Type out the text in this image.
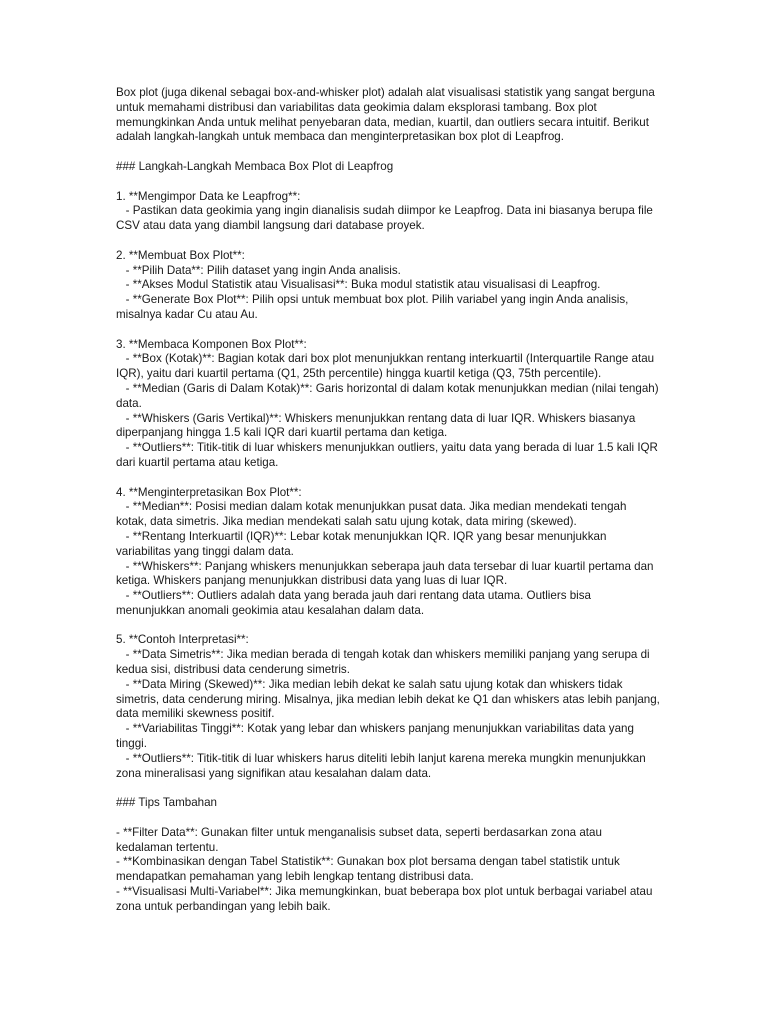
Box plot (juga dikenal sebagai box-and-whisker plot) adalah alat visualisasi statistik yang sangat berguna untuk memahami distribusi dan variabilitas data geokimia dalam eksplorasi tambang. Box plot memungkinkan Anda untuk melihat penyebaran data, median, kuartil, dan outliers secara intuitif. Berikut adalah langkah-langkah untuk membaca dan menginterpretasikan box plot di Leapfrog.

### Langkah-Langkah Membaca Box Plot di Leapfrog

1. **Mengimpor Data ke Leapfrog**:

- Pastikan data geokimia yang ingin dianalisis sudah diimpor ke Leapfrog. Data ini biasanya berupa file CSV atau data yang diambil langsung dari database proyek.

2. **Membuat Box Plot**:

- **Pilih Data**: Pilih dataset yang ingin Anda analisis.

- **Akses Modul Statistik atau Visualisasi**: Buka modul statistik atau visualisasi di Leapfrog.

- **Generate Box Plot**: Pilih opsi untuk membuat box plot. Pilih variabel yang ingin Anda analisis, misalnya kadar Cu atau Au.

3. **Membaca Komponen Box Plot**:

- **Box (Kotak)**: Bagian kotak dari box plot menunjukkan rentang interkuartil (Interquartile Range atau IQR), yaitu dari kuartil pertama (Q1, 25th percentile) hingga kuartil ketiga (Q3, 75th percentile).

- **Median (Garis di Dalam Kotak)**: Garis horizontal di dalam kotak menunjukkan median (nilai tengah) data.

- **Whiskers (Garis Vertikal)**: Whiskers menunjukkan rentang data di luar IQR. Whiskers biasanya diperpanjang hingga 1.5 kali IQR dari kuartil pertama dan ketiga.

- **Outliers**: Titik-titik di luar whiskers menunjukkan outliers, yaitu data yang berada di luar 1.5 kali IQR dari kuartil pertama atau ketiga.

4. **Menginterpretasikan Box Plot**:

- **Median**: Posisi median dalam kotak menunjukkan pusat data. Jika median mendekati tengah kotak, data simetris. Jika median mendekati salah satu ujung kotak, data miring (skewed).

- **Rentang Interkuartil (IQR)**: Lebar kotak menunjukkan IQR. IQR yang besar menunjukkan variabilitas yang tinggi dalam data.

- **Whiskers**: Panjang whiskers menunjukkan seberapa jauh data tersebar di luar kuartil pertama dan ketiga. Whiskers panjang menunjukkan distribusi data yang luas di luar IQR.

- **Outliers**: Outliers adalah data yang berada jauh dari rentang data utama. Outliers bisa menunjukkan anomali geokimia atau kesalahan dalam data.

5. **Contoh Interpretasi**:

- **Data Simetris**: Jika median berada di tengah kotak dan whiskers memiliki panjang yang serupa di kedua sisi, distribusi data cenderung simetris.

- **Data Miring (Skewed)**: Jika median lebih dekat ke salah satu ujung kotak dan whiskers tidak simetris, data cenderung miring. Misalnya, jika median lebih dekat ke Q1 dan whiskers atas lebih panjang, data memiliki skewness positif.

- **Variabilitas Tinggi**: Kotak yang lebar dan whiskers panjang menunjukkan variabilitas data yang tinggi.

- **Outliers**: Titik-titik di luar whiskers harus diteliti lebih lanjut karena mereka mungkin menunjukkan zona mineralisasi yang signifikan atau kesalahan dalam data.

### Tips Tambahan

- **Filter Data**: Gunakan filter untuk menganalisis subset data, seperti berdasarkan zona atau kedalaman tertentu.

- **Kombinasikan dengan Tabel Statistik**: Gunakan box plot bersama dengan tabel statistik untuk mendapatkan pemahaman yang lebih lengkap tentang distribusi data.

- **Visualisasi Multi-Variabel**: Jika memungkinkan, buat beberapa box plot untuk berbagai variabel atau zona untuk perbandingan yang lebih baik.
